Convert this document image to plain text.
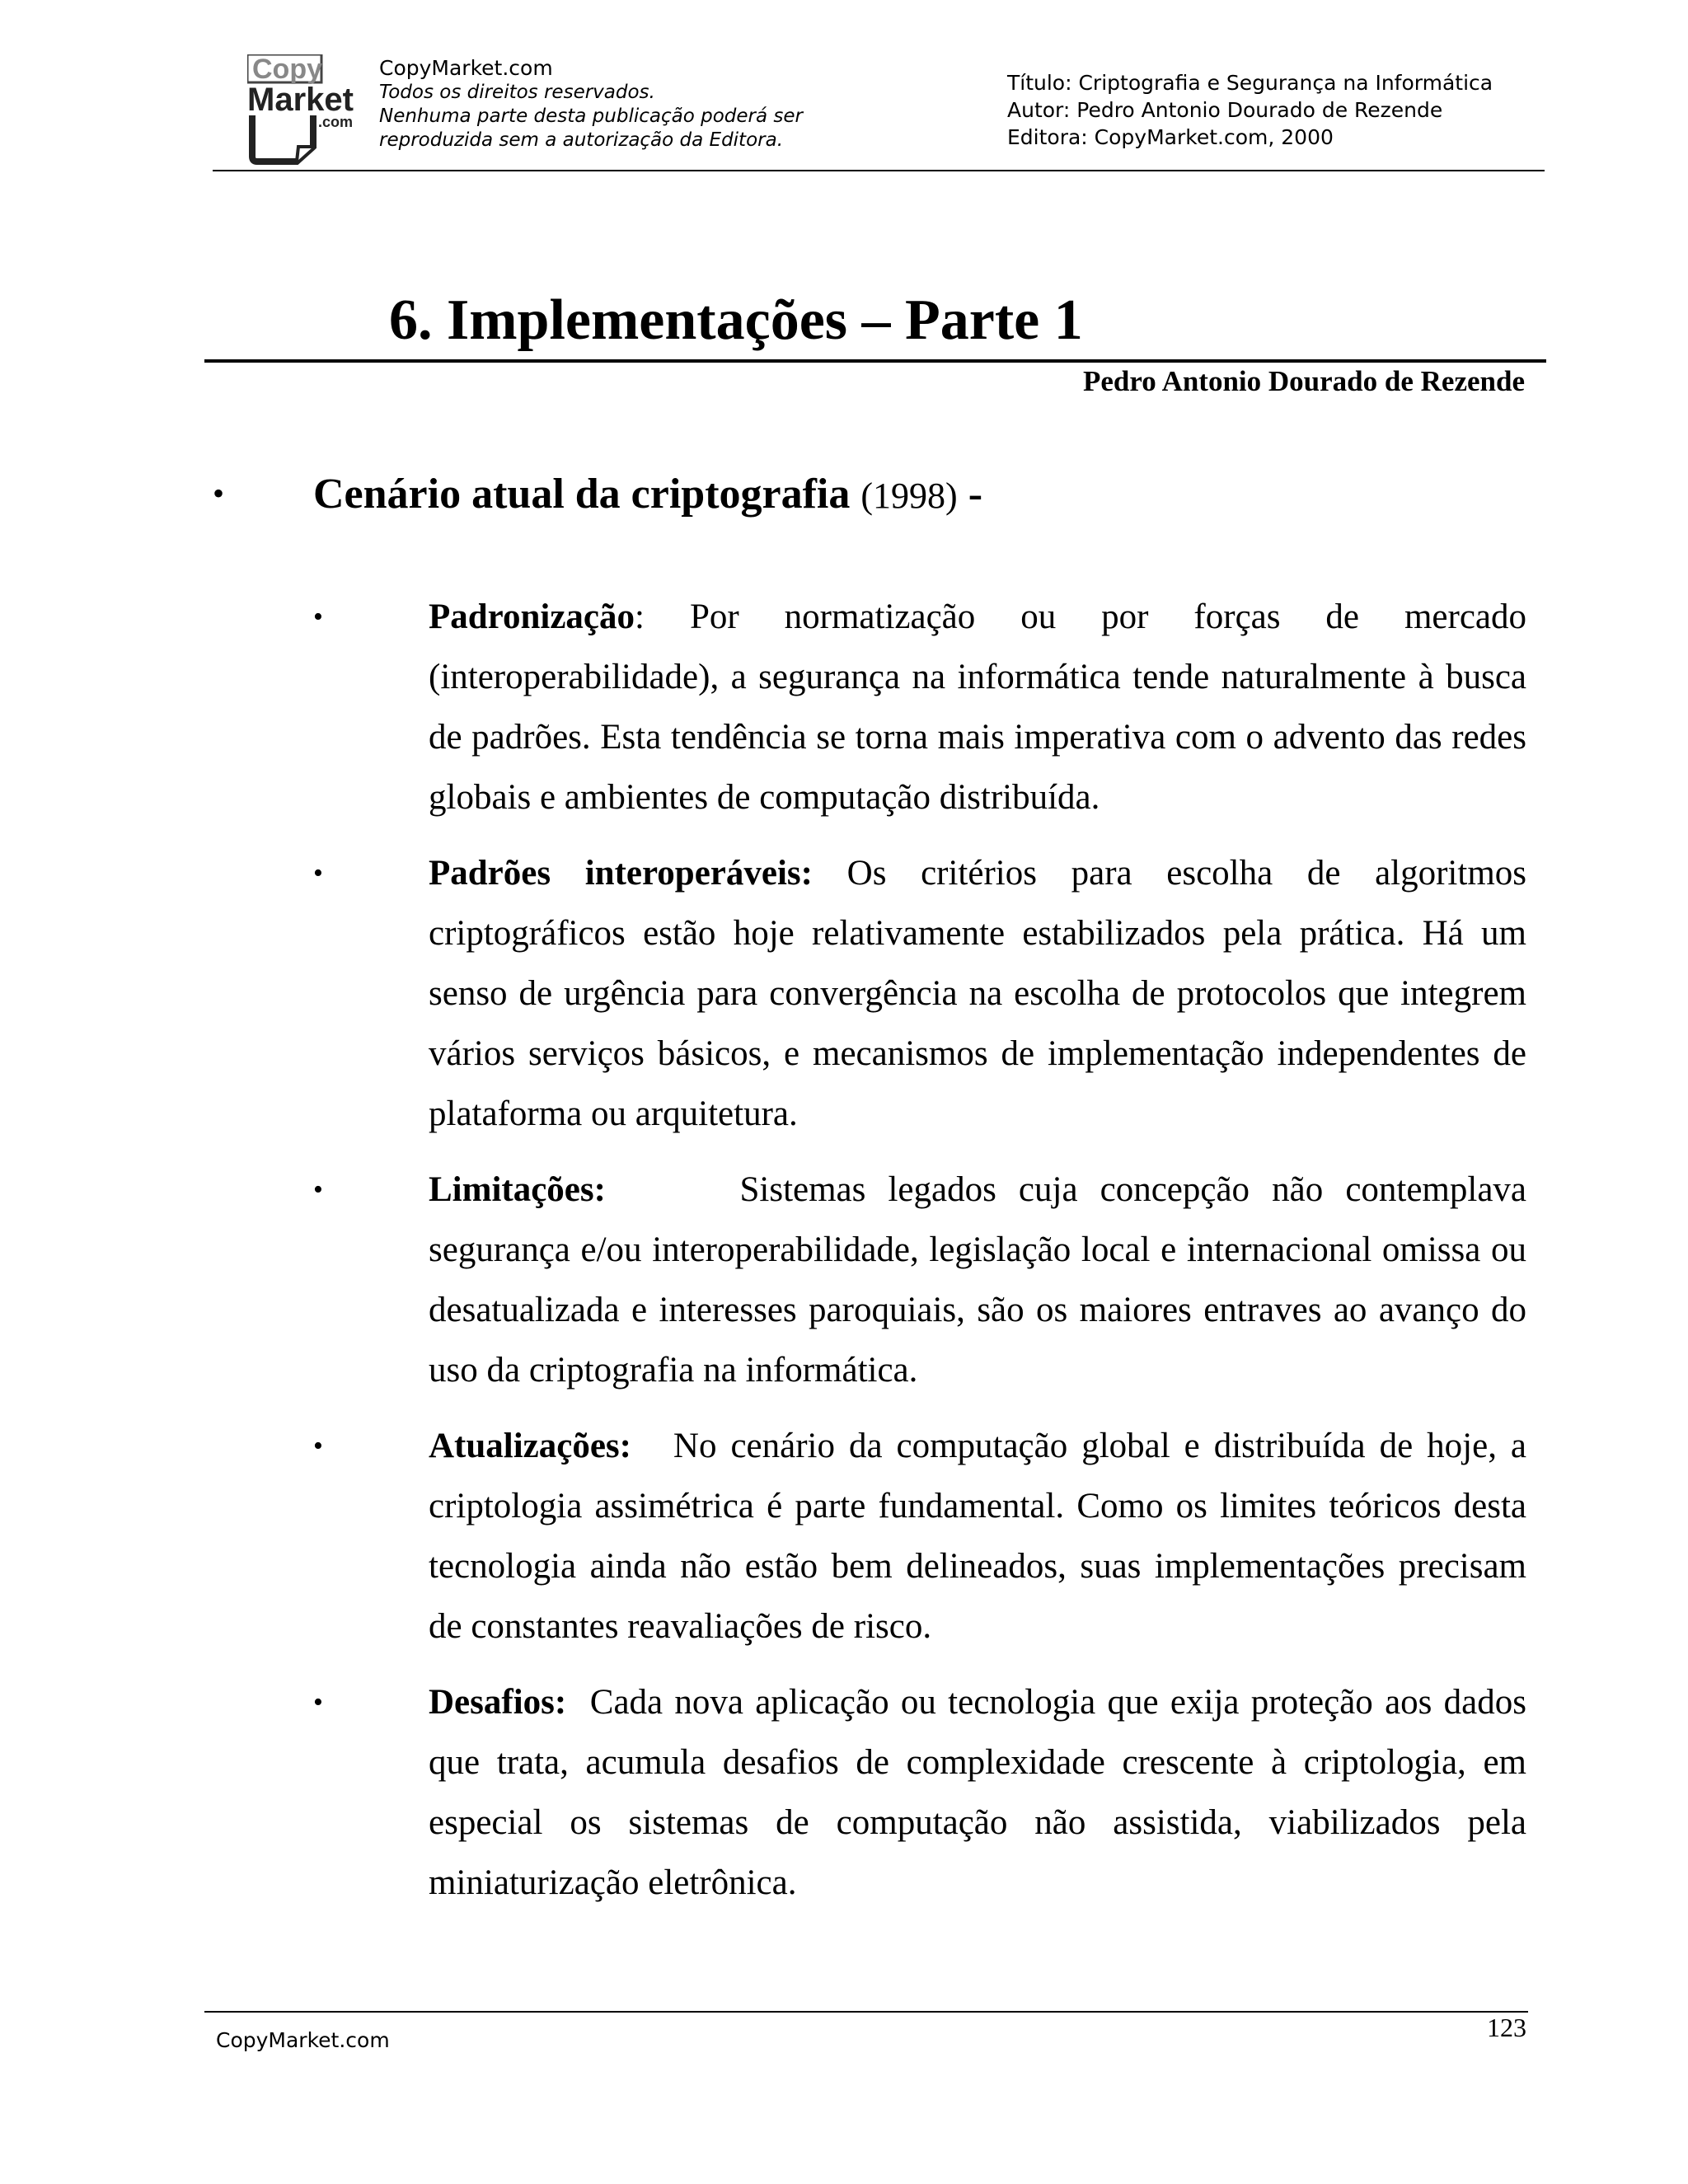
Copy
Market
.com
CopyMarket.com
Todos os direitos reservados.
Nenhuma parte desta publicação poderá ser
reproduzida sem a autorização da Editora.
Título: Criptografia e Segurança na Informática
Autor: Pedro Antonio Dourado de Rezende
Editora: CopyMarket.com, 2000
6. Implementações – Parte 1
Pedro Antonio Dourado de Rezende
• Cenário atual da criptografia (1998) -
•	Padronização: Por normatização ou por forças de mercado (interoperabilidade), a segurança na informática tende naturalmente à busca de padrões. Esta tendência se torna mais imperativa com o advento das redes globais e ambientes de computação distribuída.
•	Padrões interoperáveis: Os critérios para escolha de algoritmos criptográficos estão hoje relativamente estabilizados pela prática. Há um senso de urgência para convergência na escolha de protocolos que integrem vários serviços básicos, e mecanismos de implementação independentes de plataforma ou arquitetura.
•	Limitações:	Sistemas legados cuja concepção não contemplava segurança e/ou interoperabilidade, legislação local e internacional omissa ou desatualizada e interesses paroquiais, são os maiores entraves ao avanço do uso da criptografia na informática.
•	Atualizações: No cenário da computação global e distribuída de hoje, a criptologia assimétrica é parte fundamental. Como os limites teóricos desta tecnologia ainda não estão bem delineados, suas implementações precisam de constantes reavaliações de risco.
•	Desafios: Cada nova aplicação ou tecnologia que exija proteção aos dados que trata, acumula desafios de complexidade crescente à criptologia, em especial os sistemas de computação não assistida, viabilizados pela miniaturização eletrônica.
123
CopyMarket.com
